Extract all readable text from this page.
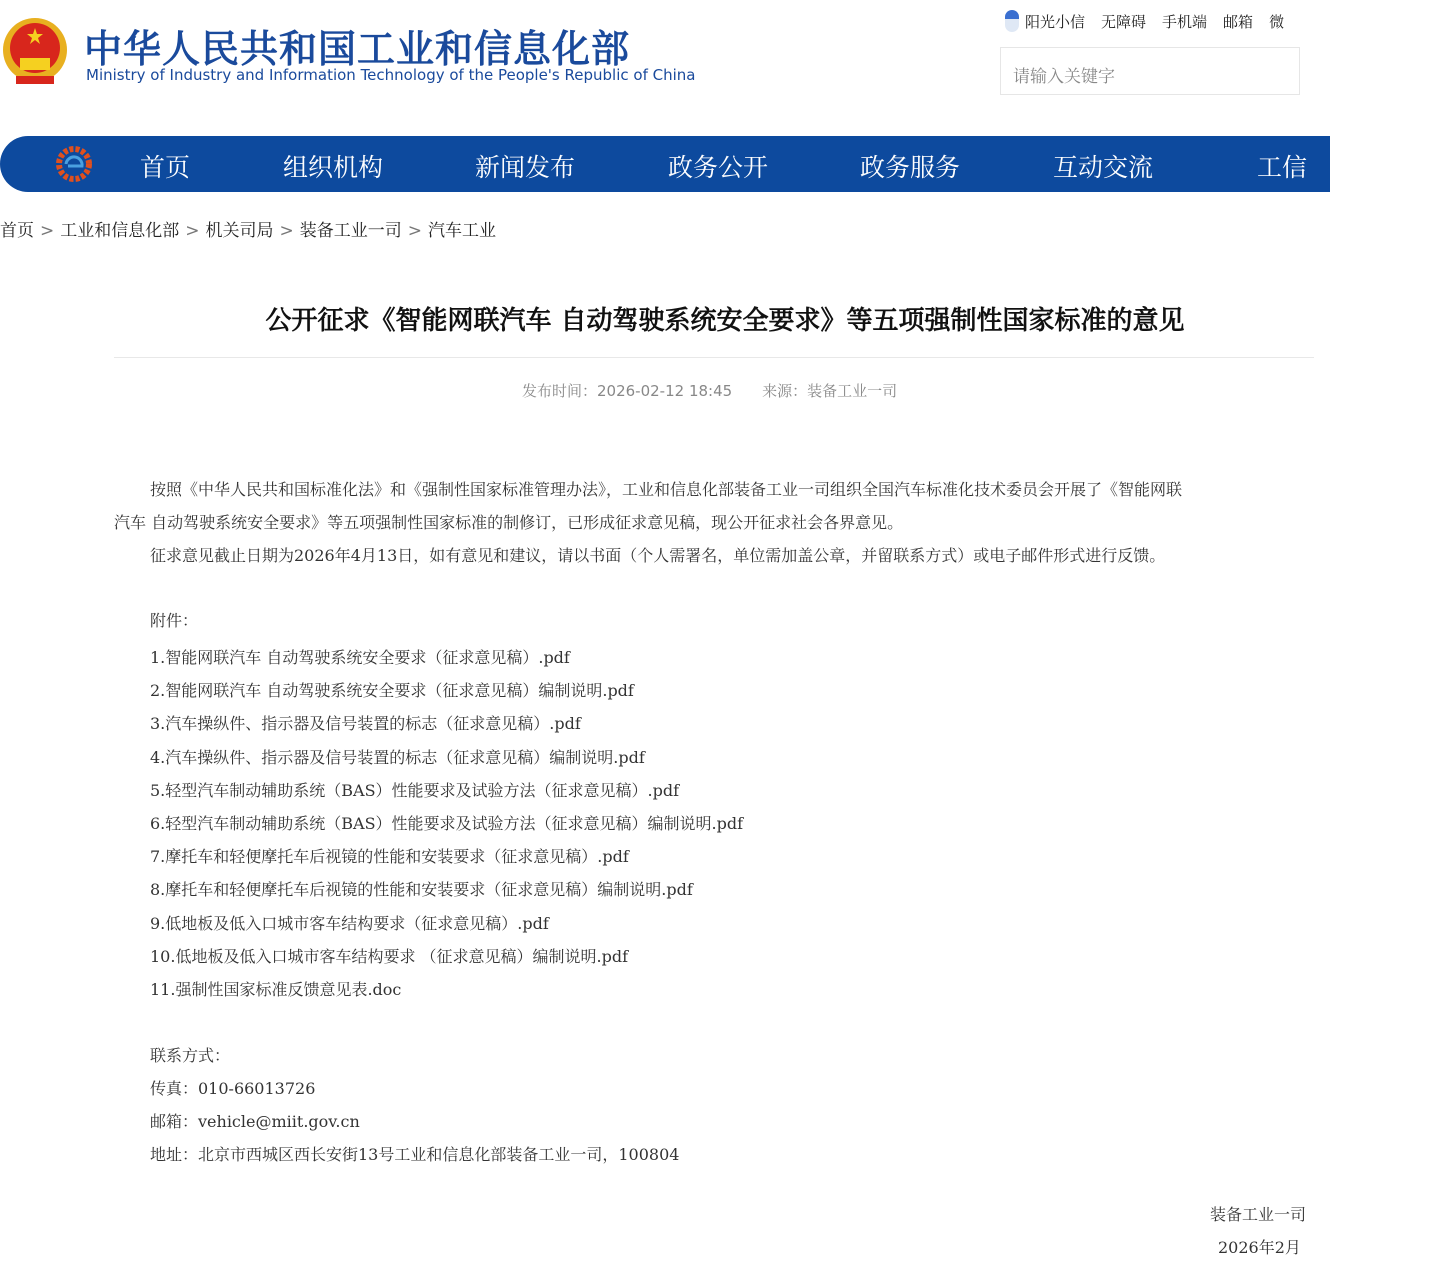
中华人民共和国工业和信息化部
Ministry of Industry and Information Technology of the People's Republic of China
阳光小信 无障碍 手机端 邮箱 微
请输入关键字
首页	组织机构	新闻发布	政务公开	政务服务	互动交流	工信
首页 > 工业和信息化部 > 机关司局 > 装备工业一司 > 汽车工业
公开征求《智能网联汽车 自动驾驶系统安全要求》等五项强制性国家标准的意见
发布时间：2026-02-12 18:45　　来源：装备工业一司
按照《中华人民共和国标准化法》和《强制性国家标准管理办法》，工业和信息化部装备工业一司组织全国汽车标准化技术委员会开展了《智能网联
汽车 自动驾驶系统安全要求》等五项强制性国家标准的制修订，已形成征求意见稿，现公开征求社会各界意见。
征求意见截止日期为2026年4月13日，如有意见和建议，请以书面（个人需署名，单位需加盖公章，并留联系方式）或电子邮件形式进行反馈。
附件：
1.智能网联汽车 自动驾驶系统安全要求（征求意见稿）.pdf
2.智能网联汽车 自动驾驶系统安全要求（征求意见稿）编制说明.pdf
3.汽车操纵件、指示器及信号装置的标志（征求意见稿）.pdf
4.汽车操纵件、指示器及信号装置的标志（征求意见稿）编制说明.pdf
5.轻型汽车制动辅助系统（BAS）性能要求及试验方法（征求意见稿）.pdf
6.轻型汽车制动辅助系统（BAS）性能要求及试验方法（征求意见稿）编制说明.pdf
7.摩托车和轻便摩托车后视镜的性能和安装要求（征求意见稿）.pdf
8.摩托车和轻便摩托车后视镜的性能和安装要求（征求意见稿）编制说明.pdf
9.低地板及低入口城市客车结构要求（征求意见稿）.pdf
10.低地板及低入口城市客车结构要求 （征求意见稿）编制说明.pdf
11.强制性国家标准反馈意见表.doc
联系方式：
传真：010-66013726
邮箱：vehicle@miit.gov.cn
地址：北京市西城区西长安街13号工业和信息化部装备工业一司，100804
装备工业一司
2026年2月
